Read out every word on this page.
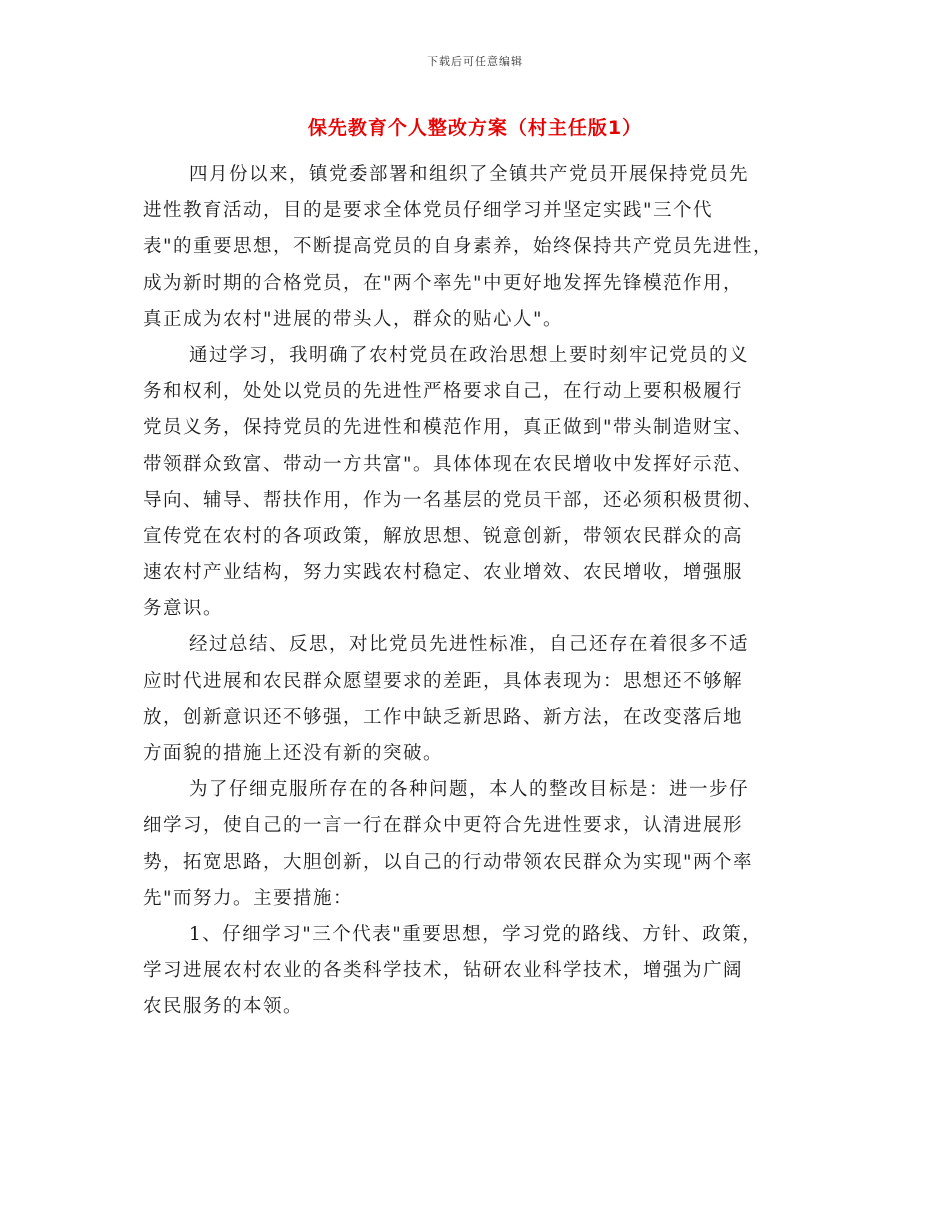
下载后可任意编辑
保先教育个人整改方案（村主任版1）
四月份以来，镇党委部署和组织了全镇共产党员开展保持党员先
进性教育活动，目的是要求全体党员仔细学习并坚定实践"三个代
表"的重要思想，不断提高党员的自身素养，始终保持共产党员先进性，
成为新时期的合格党员，在"两个率先"中更好地发挥先锋模范作用，
真正成为农村"进展的带头人，群众的贴心人"。
通过学习，我明确了农村党员在政治思想上要时刻牢记党员的义
务和权利，处处以党员的先进性严格要求自己，在行动上要积极履行
党员义务，保持党员的先进性和模范作用，真正做到"带头制造财宝、
带领群众致富、带动一方共富"。具体体现在农民增收中发挥好示范、
导向、辅导、帮扶作用，作为一名基层的党员干部，还必须积极贯彻、
宣传党在农村的各项政策，解放思想、锐意创新，带领农民群众的高
速农村产业结构，努力实践农村稳定、农业增效、农民增收，增强服
务意识。
经过总结、反思，对比党员先进性标准，自己还存在着很多不适
应时代进展和农民群众愿望要求的差距，具体表现为：思想还不够解
放，创新意识还不够强，工作中缺乏新思路、新方法，在改变落后地
方面貌的措施上还没有新的突破。
为了仔细克服所存在的各种问题，本人的整改目标是：进一步仔
细学习，使自己的一言一行在群众中更符合先进性要求，认清进展形
势，拓宽思路，大胆创新，以自己的行动带领农民群众为实现"两个率
先"而努力。主要措施：
1、仔细学习"三个代表"重要思想，学习党的路线、方针、政策，
学习进展农村农业的各类科学技术，钻研农业科学技术，增强为广阔
农民服务的本领。
